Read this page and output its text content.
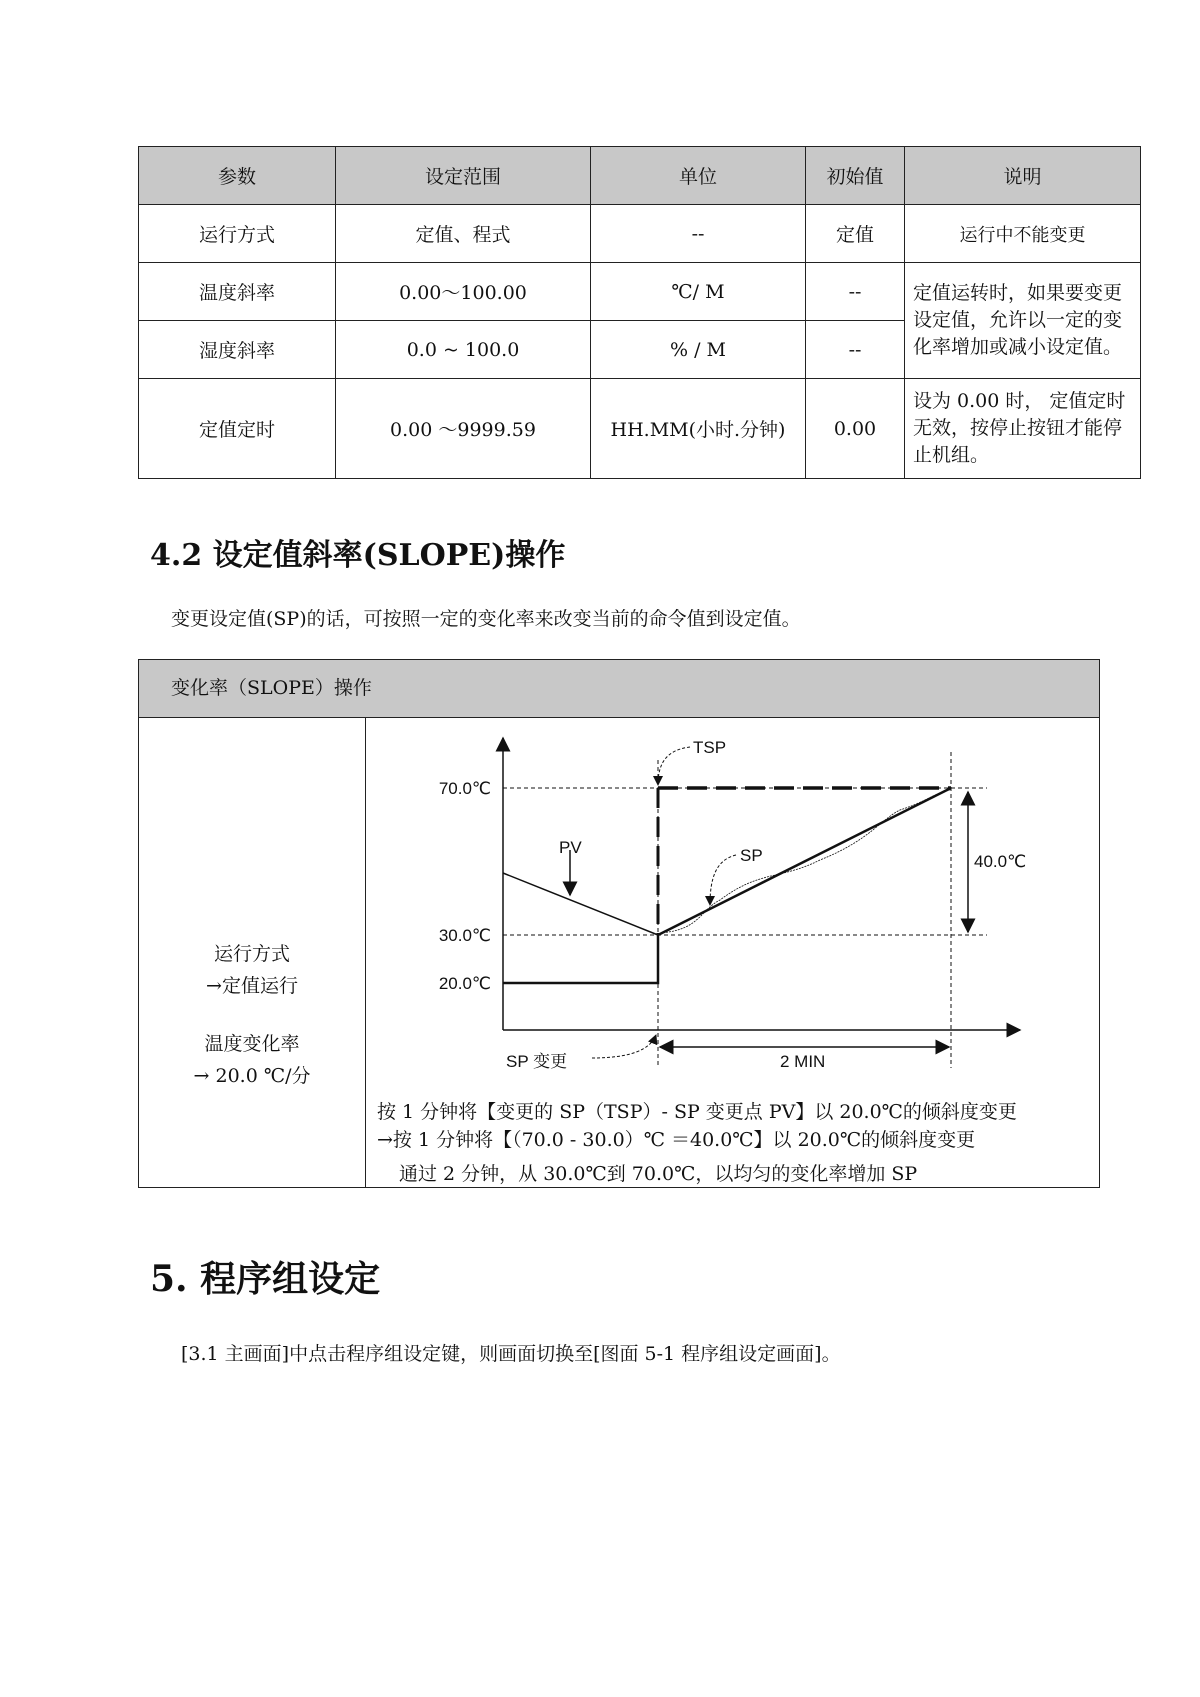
参数	设定范围	单位	初始值	说明
运行方式	定值、程式	--	定值	运行中不能变更
温度斜率	0.00～100.00	℃/ M	--	定值运转时，如果要变更设定值，允许以一定的变化率增加或减小设定值。
湿度斜率	0.0 ~ 100.0	% / M	--	
定值定时	0.00 ～9999.59	HH.MM(小时.分钟)	0.00	设为 0.00 时， 定值定时无效，按停止按钮才能停止机组。
4.2 设定值斜率(SLOPE)操作

变更设定值(SP)的话，可按照一定的变化率来改变当前的命令值到设定值。

变化率（SLOPE）操作
运行方式
→定值运行
温度变化率
→ 20.0 ℃/分
70.0℃
30.0℃
20.0℃
TSP
PV	SP	40.0℃
SP 变更	2 MIN
按 1 分钟将【变更的 SP（TSP）- SP 变更点 PV】以 20.0℃的倾斜度变更
→按 1 分钟将【（70.0 - 30.0）℃ ＝40.0℃】以 20.0℃的倾斜度变更
通过 2 分钟，从 30.0℃到 70.0℃，以均匀的变化率增加 SP
5. 程序组设定

[3.1 主画面]中点击程序组设定键，则画面切换至[图面 5-1 程序组设定画面]。
